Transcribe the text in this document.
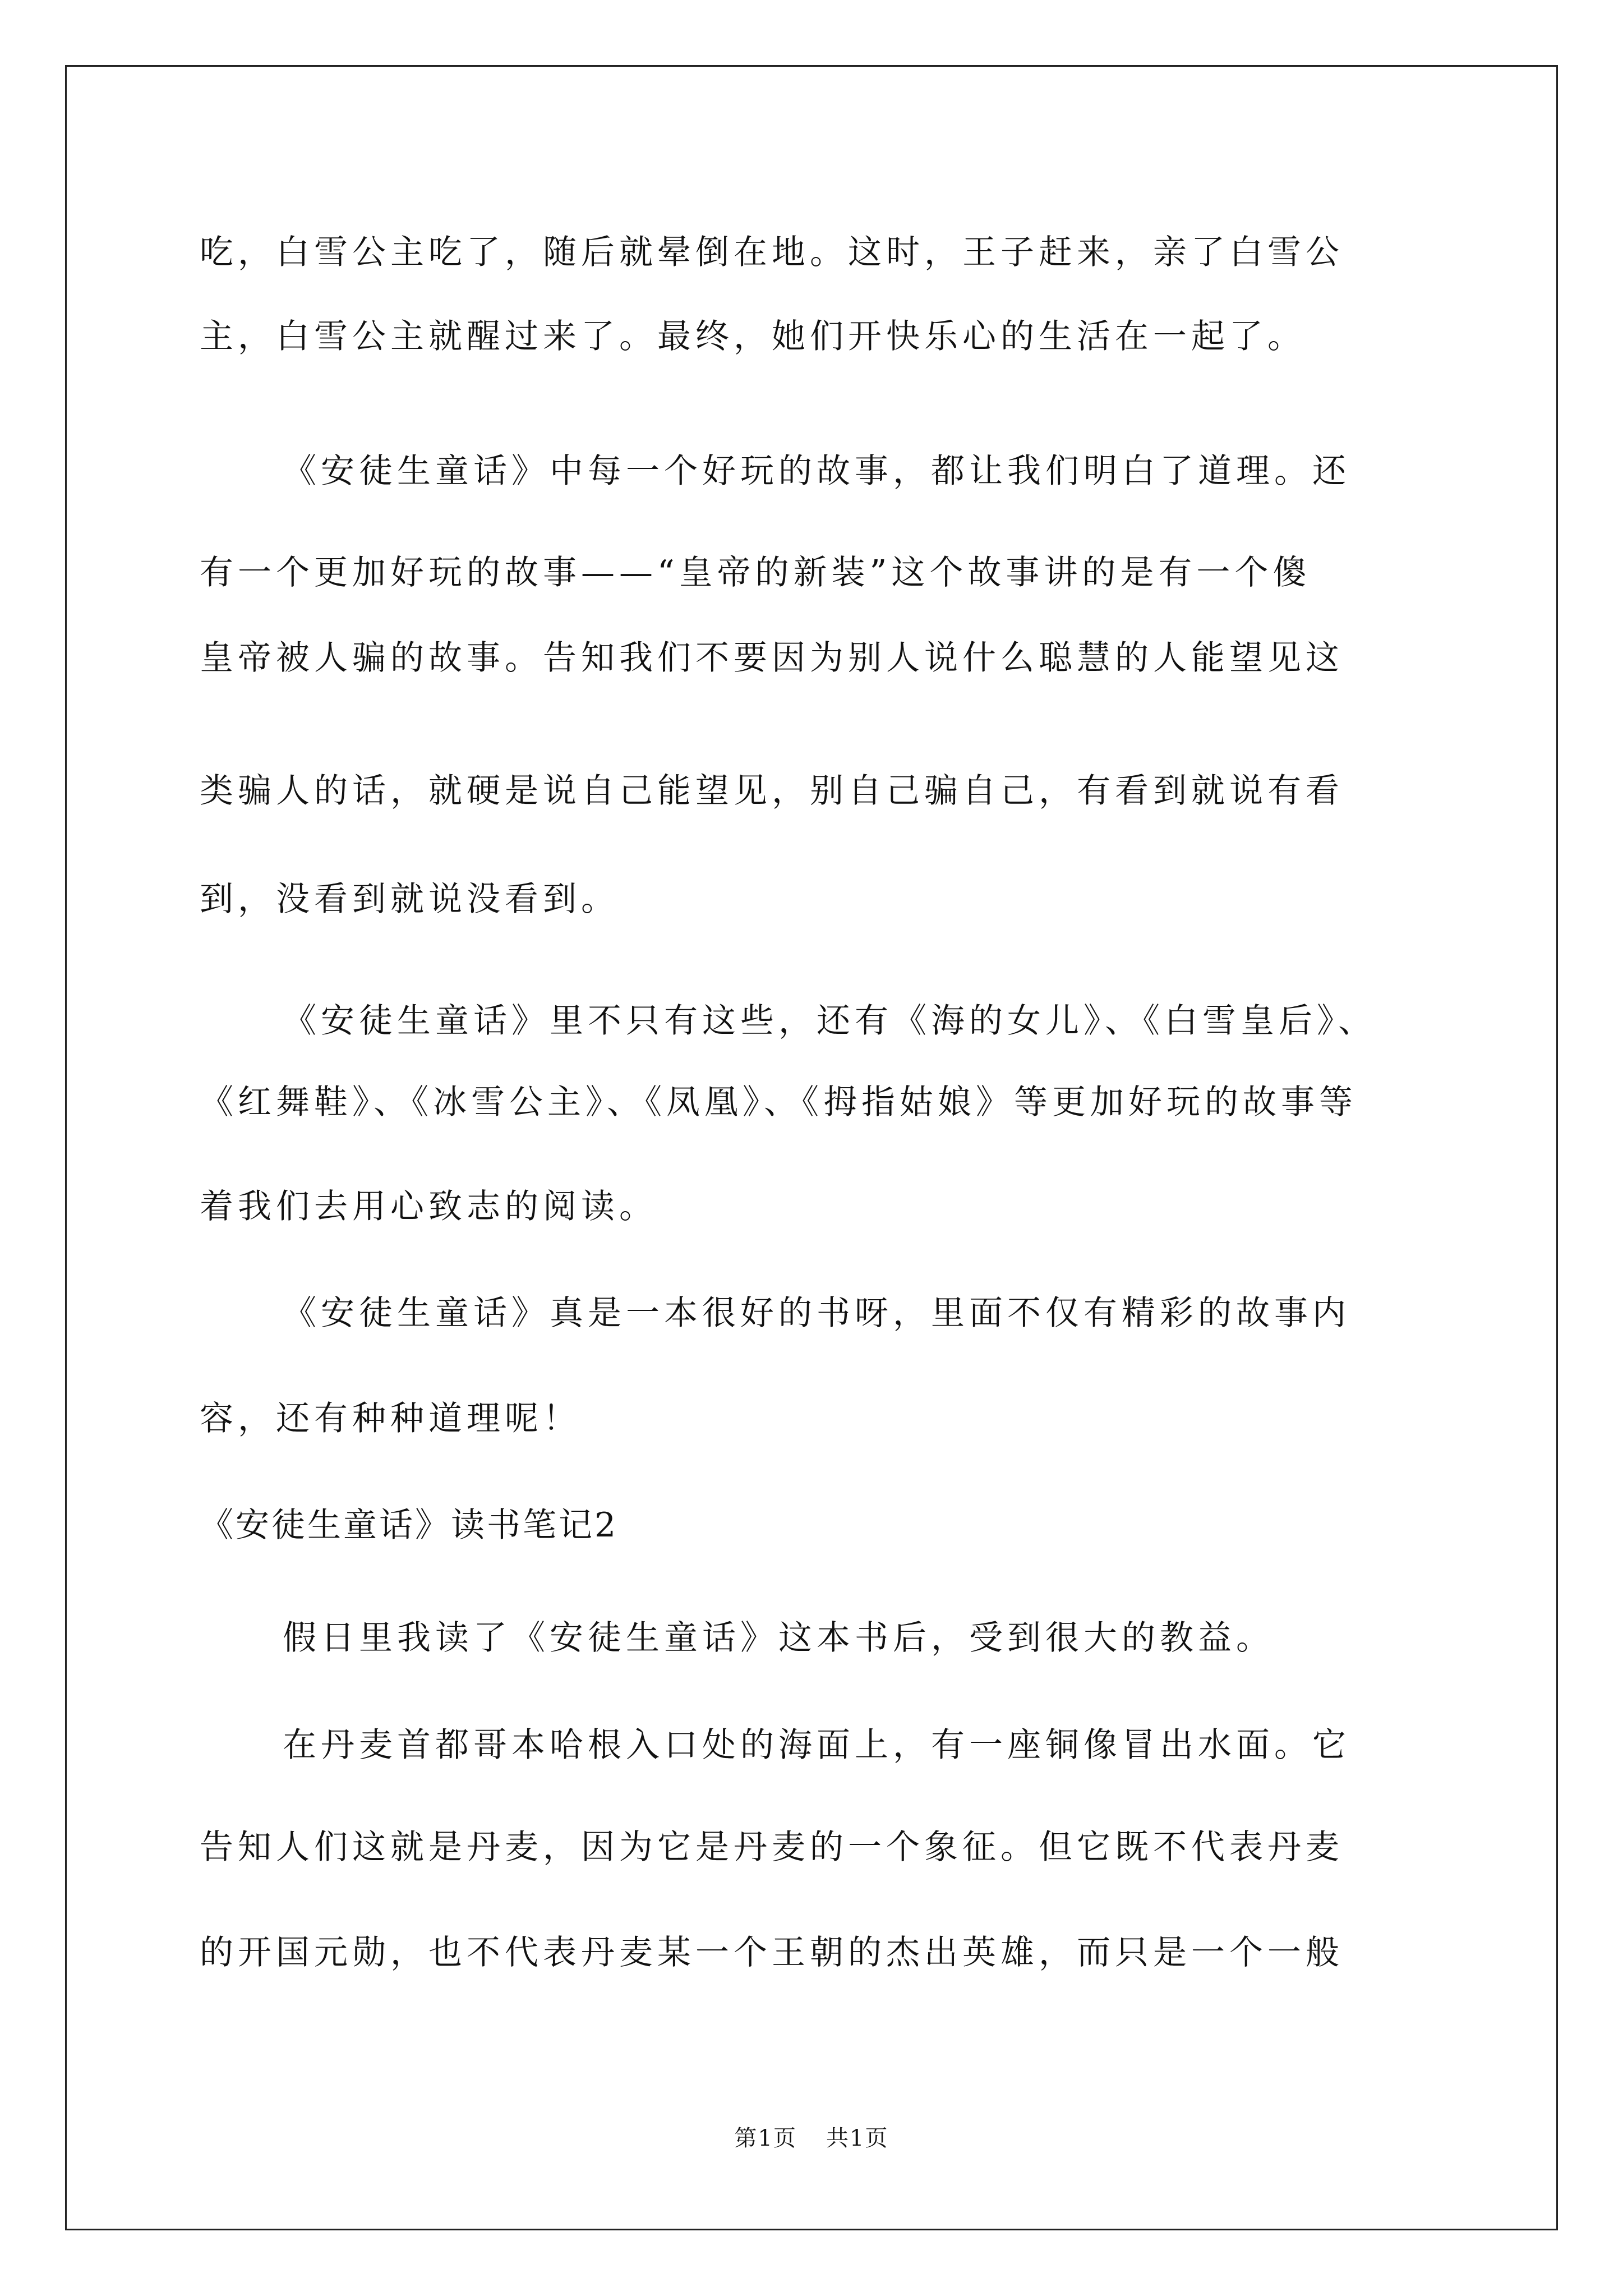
吃，白雪公主吃了，随后就晕倒在地。这时，王子赶来，亲了白雪公

主，白雪公主就醒过来了。最终，她们开快乐心的生活在一起了。

《安徒生童话》中每一个好玩的故事，都让我们明白了道理。还

有一个更加好玩的故事——“皇帝的新装”这个故事讲的是有一个傻

皇帝被人骗的故事。告知我们不要因为别人说什么聪慧的人能望见这

类骗人的话，就硬是说自己能望见，别自己骗自己，有看到就说有看

到，没看到就说没看到。

《安徒生童话》里不只有这些，还有《海的女儿》、《白雪皇后》、

《红舞鞋》、《冰雪公主》、《凤凰》、《拇指姑娘》等更加好玩的故事等

着我们去用心致志的阅读。

《安徒生童话》真是一本很好的书呀，里面不仅有精彩的故事内

容，还有种种道理呢！

《安徒生童话》读书笔记2

假日里我读了《安徒生童话》这本书后，受到很大的教益。

在丹麦首都哥本哈根入口处的海面上，有一座铜像冒出水面。它

告知人们这就是丹麦，因为它是丹麦的一个象征。但它既不代表丹麦

的开国元勋，也不代表丹麦某一个王朝的杰出英雄，而只是一个一般

第1页 共1页
